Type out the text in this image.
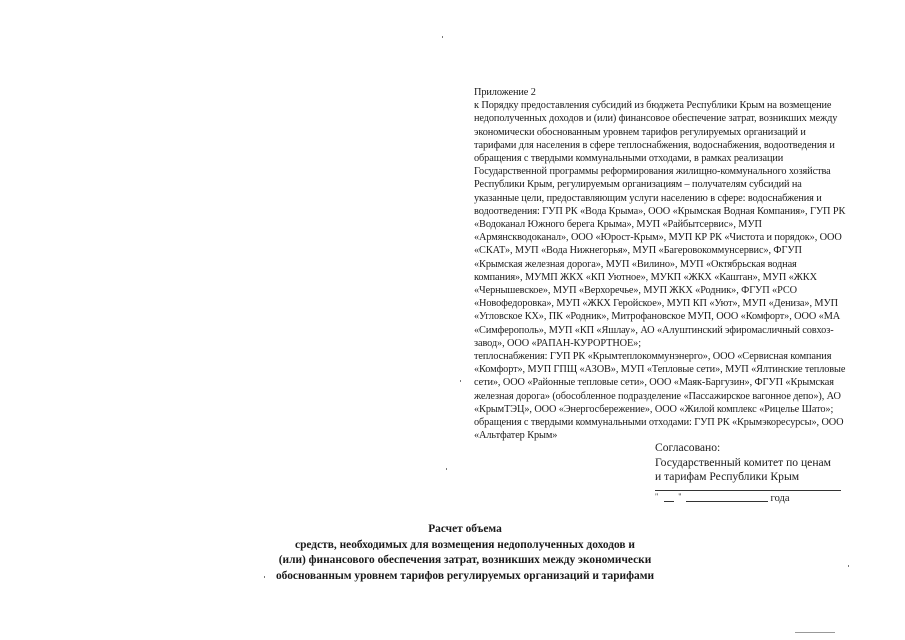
Приложение 2
к Порядку предоставления субсидий из бюджета Республики Крым на возмещение
недополученных доходов и (или) финансовое обеспечение затрат, возникших между
экономически обоснованным уровнем тарифов регулируемых организаций и
тарифами для населения в сфере теплоснабжения, водоснабжения, водоотведения и
обращения с твердыми коммунальными отходами, в рамках реализации
Государственной программы реформирования жилищно-коммунального хозяйства
Республики Крым, регулируемым организациям – получателям субсидий на
указанные цели, предоставляющим услуги населению в сфере: водоснабжения и
водоотведения: ГУП РК «Вода Крыма», ООО «Крымская Водная Компания», ГУП РК
«Водоканал Южного берега Крыма», МУП «Райбытсервис», МУП
«Армянскводоканал», ООО «Юрост-Крым», МУП КР РК «Чистота и порядок», ООО
«СКАТ», МУП «Вода Нижнегорья», МУП «Багеровокоммунсервис», ФГУП
«Крымская железная дорога», МУП «Вилино», МУП «Октябрьская водная
компания», МУМП ЖКХ «КП Уютное», МУКП «ЖКХ «Каштан», МУП «ЖКХ
«Чернышевское», МУП «Верхоречье», МУП ЖКХ «Родник», ФГУП «РСО
«Новофедоровка», МУП «ЖКХ Геройское», МУП КП «Уют», МУП «Дениза», МУП
«Угловское КХ», ПК «Родник», Митрофановское МУП, ООО «Комфорт», ООО «МА
«Симферополь», МУП «КП «Яшлау», АО «Алуштинский эфиромасличный совхоз-
завод», ООО «РАПАН-КУРОРТНОЕ»;
теплоснабжения: ГУП РК «Крымтеплокоммунэнерго», ООО «Сервисная компания
«Комфорт», МУП ГПЩ «АЗОВ», МУП «Тепловые сети», МУП «Ялтинские тепловые
сети», ООО «Районные тепловые сети», ООО «Маяк-Баргузин», ФГУП «Крымская
железная дорога» (обособленное подразделение «Пассажирское вагонное депо»), АО
«КрымТЭЦ», ООО «Энергосбережение», ООО «Жилой комплекс «Рицелье Шато»;
обращения с твердыми коммунальными отходами: ГУП РК «Крымэкоресурсы», ООО
«Альтфатер Крым»
Согласовано:
Государственный комитет по ценам
и тарифам Республики Крым
"	"	года
Расчет объема
средств, необходимых для возмещения недополученных доходов и
(или) финансового обеспечения затрат, возникших между экономически
обоснованным уровнем тарифов регулируемых организаций и тарифами
